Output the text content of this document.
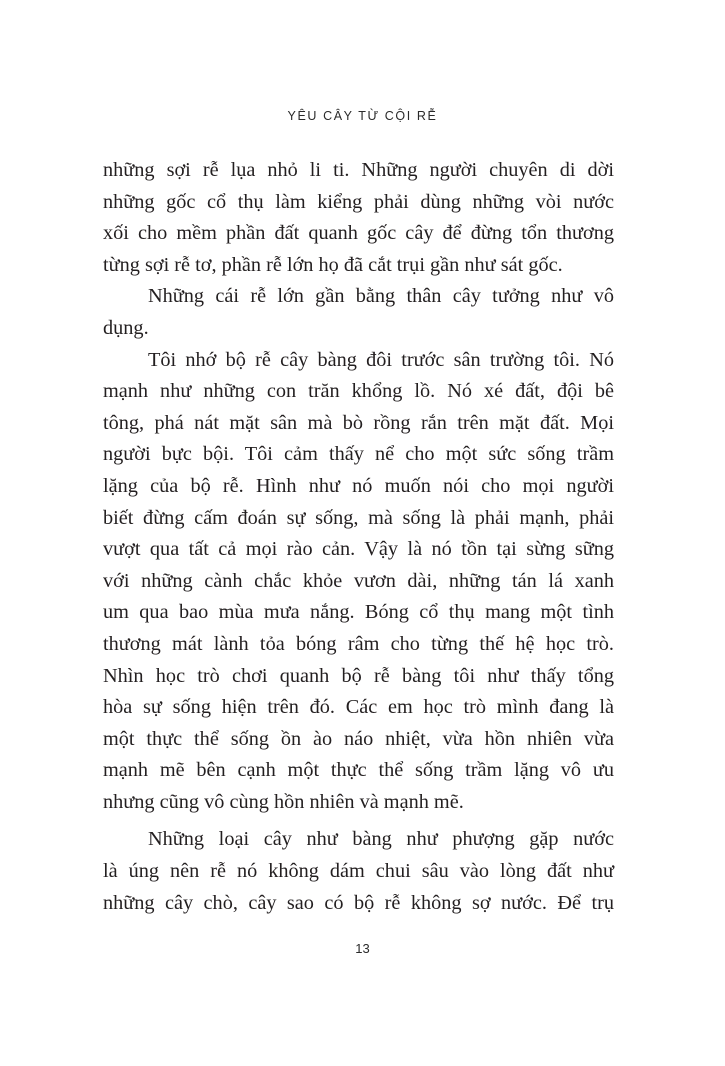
YÊU CÂY TỪ CỘI RỄ
những sợi rễ lụa nhỏ li ti. Những người chuyên di dời
những gốc cổ thụ làm kiểng phải dùng những vòi nước
xối cho mềm phần đất quanh gốc cây để đừng tổn thương
từng sợi rễ tơ, phần rễ lớn họ đã cắt trụi gần như sát gốc.
Những cái rễ lớn gần bằng thân cây tưởng như vô
dụng.
Tôi nhớ bộ rễ cây bàng đôi trước sân trường tôi. Nó
mạnh như những con trăn khổng lồ. Nó xé đất, đội bê
tông, phá nát mặt sân mà bò rồng rắn trên mặt đất. Mọi
người bực bội. Tôi cảm thấy nể cho một sức sống trầm
lặng của bộ rễ. Hình như nó muốn nói cho mọi người
biết đừng cấm đoán sự sống, mà sống là phải mạnh, phải
vượt qua tất cả mọi rào cản. Vậy là nó tồn tại sừng sững
với những cành chắc khỏe vươn dài, những tán lá xanh
um qua bao mùa mưa nắng. Bóng cổ thụ mang một tình
thương mát lành tỏa bóng râm cho từng thế hệ học trò.
Nhìn học trò chơi quanh bộ rễ bàng tôi như thấy tổng
hòa sự sống hiện trên đó. Các em học trò mình đang là
một thực thể sống ồn ào náo nhiệt, vừa hồn nhiên vừa
mạnh mẽ bên cạnh một thực thể sống trầm lặng vô ưu
nhưng cũng vô cùng hồn nhiên và mạnh mẽ.
Những loại cây như bàng như phượng gặp nước
là úng nên rễ nó không dám chui sâu vào lòng đất như
những cây chò, cây sao có bộ rễ không sợ nước. Để trụ
13
